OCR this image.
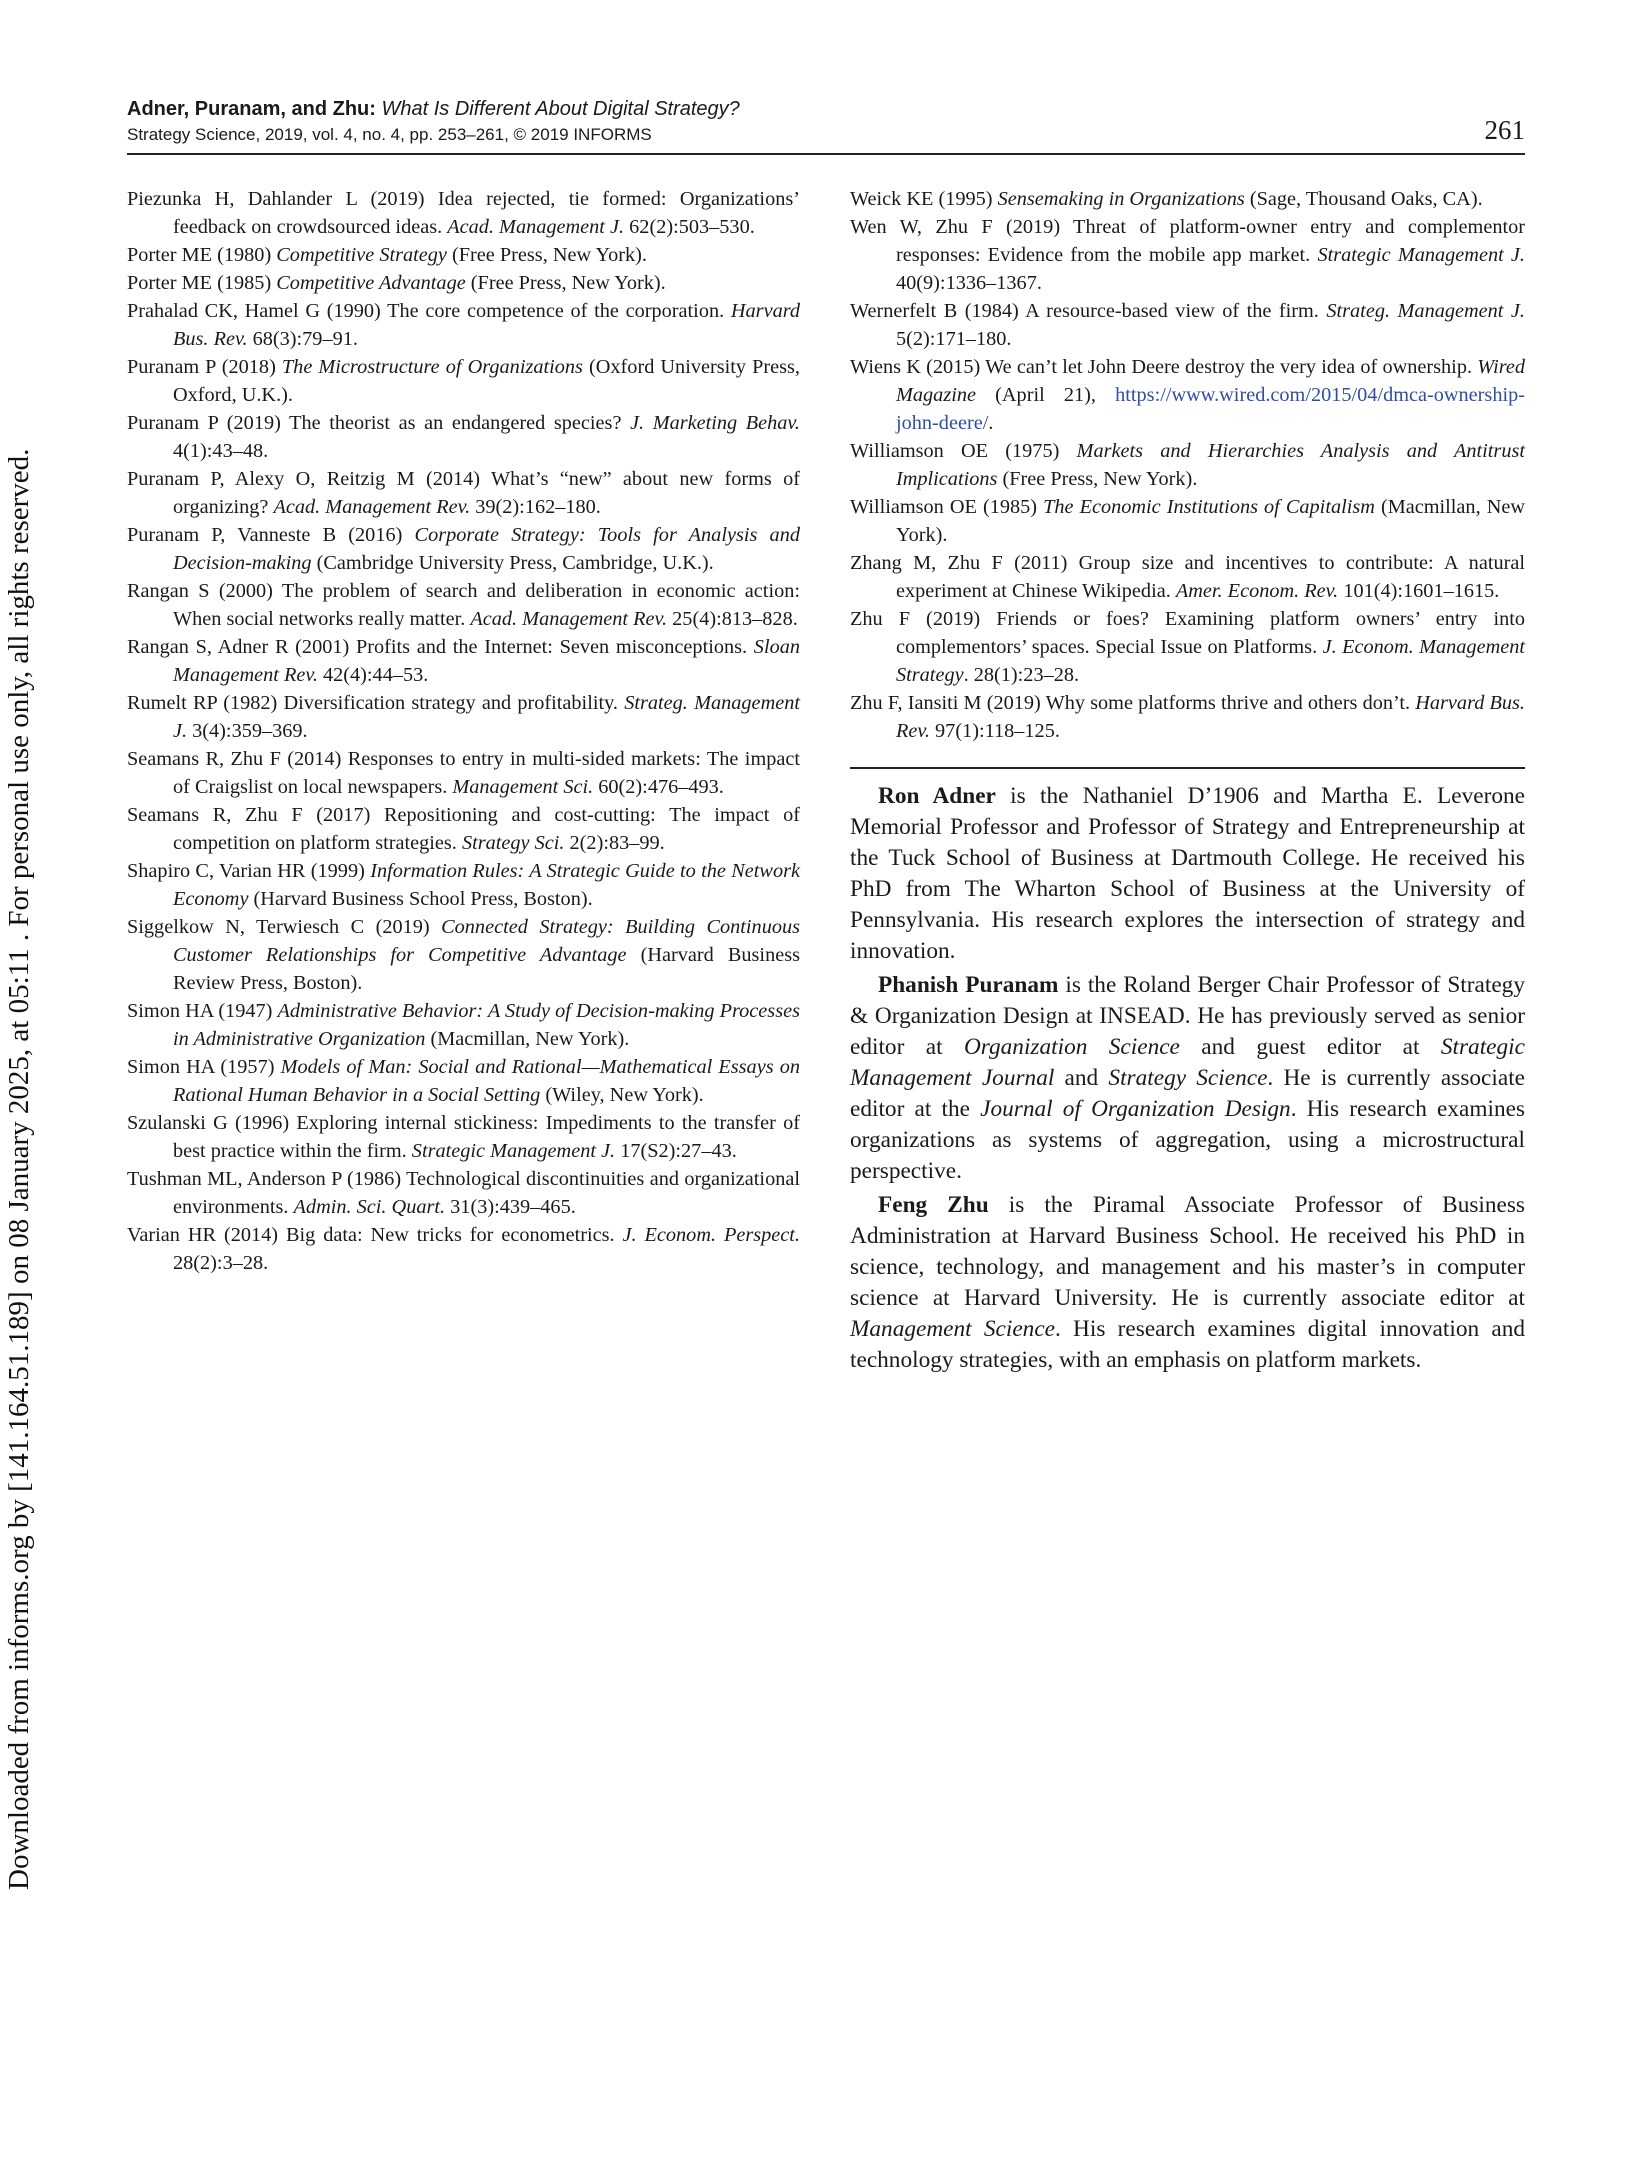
Downloaded from informs.org by [141.164.51.189] on 08 January 2025, at 05:11 . For personal use only, all rights reserved.
Adner, Puranam, and Zhu: What Is Different About Digital Strategy?
Strategy Science, 2019, vol. 4, no. 4, pp. 253–261, © 2019 INFORMS	261
Piezunka H, Dahlander L (2019) Idea rejected, tie formed: Organizations’ feedback on crowdsourced ideas. Acad. Management J. 62(2):503–530.
Porter ME (1980) Competitive Strategy (Free Press, New York).
Porter ME (1985) Competitive Advantage (Free Press, New York).
Prahalad CK, Hamel G (1990) The core competence of the corporation. Harvard Bus. Rev. 68(3):79–91.
Puranam P (2018) The Microstructure of Organizations (Oxford University Press, Oxford, U.K.).
Puranam P (2019) The theorist as an endangered species? J. Marketing Behav. 4(1):43–48.
Puranam P, Alexy O, Reitzig M (2014) What’s “new” about new forms of organizing? Acad. Management Rev. 39(2):162–180.
Puranam P, Vanneste B (2016) Corporate Strategy: Tools for Analysis and Decision-making (Cambridge University Press, Cambridge, U.K.).
Rangan S (2000) The problem of search and deliberation in economic action: When social networks really matter. Acad. Management Rev. 25(4):813–828.
Rangan S, Adner R (2001) Profits and the Internet: Seven misconceptions. Sloan Management Rev. 42(4):44–53.
Rumelt RP (1982) Diversification strategy and profitability. Strateg. Management J. 3(4):359–369.
Seamans R, Zhu F (2014) Responses to entry in multi-sided markets: The impact of Craigslist on local newspapers. Management Sci. 60(2):476–493.
Seamans R, Zhu F (2017) Repositioning and cost-cutting: The impact of competition on platform strategies. Strategy Sci. 2(2):83–99.
Shapiro C, Varian HR (1999) Information Rules: A Strategic Guide to the Network Economy (Harvard Business School Press, Boston).
Siggelkow N, Terwiesch C (2019) Connected Strategy: Building Continuous Customer Relationships for Competitive Advantage (Harvard Business Review Press, Boston).
Simon HA (1947) Administrative Behavior: A Study of Decision-making Processes in Administrative Organization (Macmillan, New York).
Simon HA (1957) Models of Man: Social and Rational—Mathematical Essays on Rational Human Behavior in a Social Setting (Wiley, New York).
Szulanski G (1996) Exploring internal stickiness: Impediments to the transfer of best practice within the firm. Strategic Management J. 17(S2):27–43.
Tushman ML, Anderson P (1986) Technological discontinuities and organizational environments. Admin. Sci. Quart. 31(3):439–465.
Varian HR (2014) Big data: New tricks for econometrics. J. Econom. Perspect. 28(2):3–28.
Weick KE (1995) Sensemaking in Organizations (Sage, Thousand Oaks, CA).
Wen W, Zhu F (2019) Threat of platform-owner entry and complementor responses: Evidence from the mobile app market. Strategic Management J. 40(9):1336–1367.
Wernerfelt B (1984) A resource-based view of the firm. Strateg. Management J. 5(2):171–180.
Wiens K (2015) We can’t let John Deere destroy the very idea of ownership. Wired Magazine (April 21), https://www.wired.com/2015/04/dmca-ownership-john-deere/.
Williamson OE (1975) Markets and Hierarchies Analysis and Antitrust Implications (Free Press, New York).
Williamson OE (1985) The Economic Institutions of Capitalism (Macmillan, New York).
Zhang M, Zhu F (2011) Group size and incentives to contribute: A natural experiment at Chinese Wikipedia. Amer. Econom. Rev. 101(4):1601–1615.
Zhu F (2019) Friends or foes? Examining platform owners’ entry into complementors’ spaces. Special Issue on Platforms. J. Econom. Management Strategy. 28(1):23–28.
Zhu F, Iansiti M (2019) Why some platforms thrive and others don’t. Harvard Bus. Rev. 97(1):118–125.

Ron Adner is the Nathaniel D’1906 and Martha E. Leverone Memorial Professor and Professor of Strategy and Entrepreneurship at the Tuck School of Business at Dartmouth College. He received his PhD from The Wharton School of Business at the University of Pennsylvania. His research explores the intersection of strategy and innovation.

Phanish Puranam is the Roland Berger Chair Professor of Strategy & Organization Design at INSEAD. He has previously served as senior editor at Organization Science and guest editor at Strategic Management Journal and Strategy Science. He is currently associate editor at the Journal of Organization Design. His research examines organizations as systems of aggregation, using a microstructural perspective.

Feng Zhu is the Piramal Associate Professor of Business Administration at Harvard Business School. He received his PhD in science, technology, and management and his master’s in computer science at Harvard University. He is currently associate editor at Management Science. His research examines digital innovation and technology strategies, with an emphasis on platform markets.
